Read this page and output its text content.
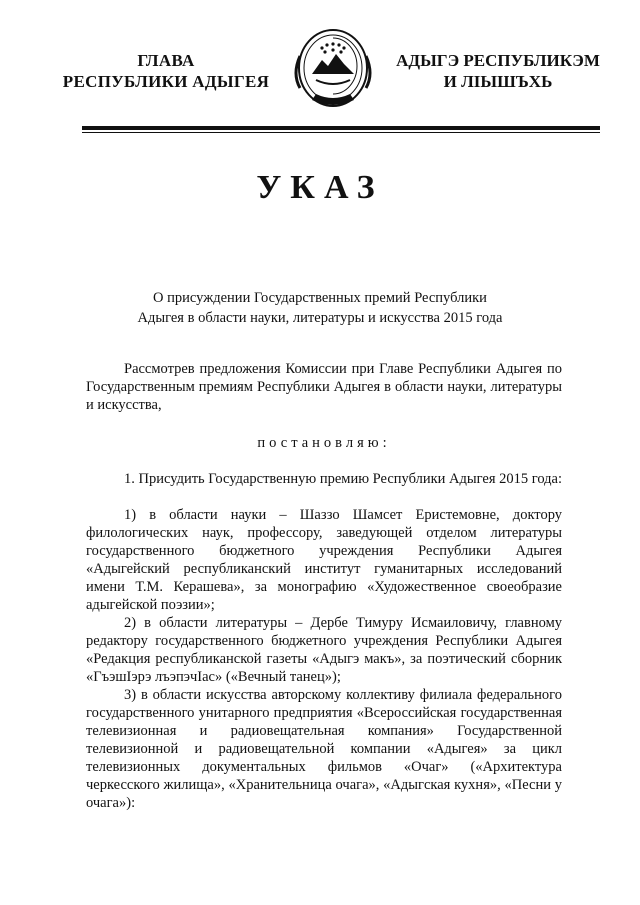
ГЛАВА
РЕСПУБЛИКИ АДЫГЕЯ
АДЫГЭ РЕСПУБЛИКЭМ
И ЛІЫШЪХЬ
УКАЗ
О присуждении Государственных премий Республики
Адыгея в области науки, литературы и искусства 2015 года

Рассмотрев предложения Комиссии при Главе Республики Адыгея по Государственным премиям Республики Адыгея в области науки, литературы и искусства,

постановляю:

1. Присудить Государственную премию Республики Адыгея 2015 года:

1) в области науки – Шаззо Шамсет Еристемовне, доктору филологических наук, профессору, заведующей отделом литературы государственного бюджетного учреждения Республики Адыгея «Адыгейский республиканский институт гуманитарных исследований имени Т.М. Керашева», за монографию «Художественное своеобразие адыгейской поэзии»;

2) в области литературы – Дербе Тимуру Исмаиловичу, главному редактору государственного бюджетного учреждения Республики Адыгея «Редакция республиканской газеты «Адыгэ макъ», за поэтический сборник «ГъэшІэрэ лъэпэчІас» («Вечный танец»);

3) в области искусства авторскому коллективу филиала федерального государственного унитарного предприятия «Всероссийская государственная телевизионная и радиовещательная компания» Государственной телевизионной и радиовещательной компании «Адыгея» за цикл телевизионных документальных фильмов «Очаг» («Архитектура черкесского жилища», «Хранительница очага», «Адыгская кухня», «Песни у очага»):
